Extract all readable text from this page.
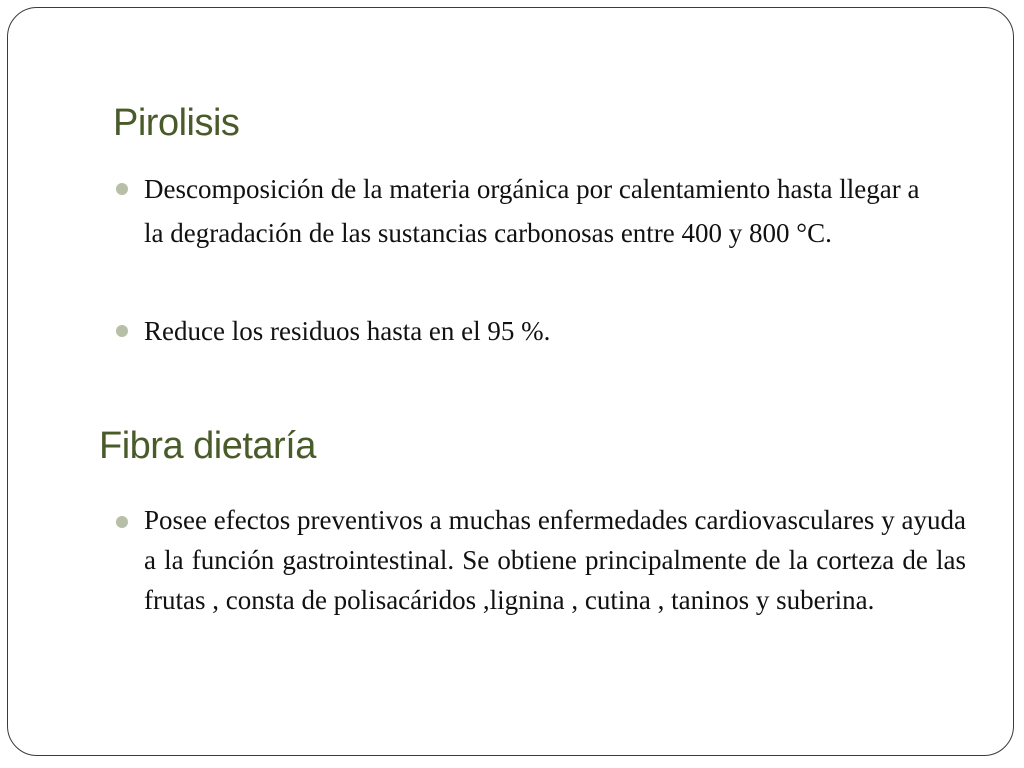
Pirolisis

Descomposición de la materia orgánica por calentamiento hasta llegar a la degradación de las sustancias carbonosas entre 400 y 800 °C.

Reduce los residuos hasta en el 95 %.

Fibra dietaría

Posee efectos preventivos a muchas enfermedades cardiovasculares y ayuda a la función gastrointestinal. Se obtiene principalmente de la corteza de las frutas , consta de polisacáridos ,lignina , cutina , taninos y suberina.
